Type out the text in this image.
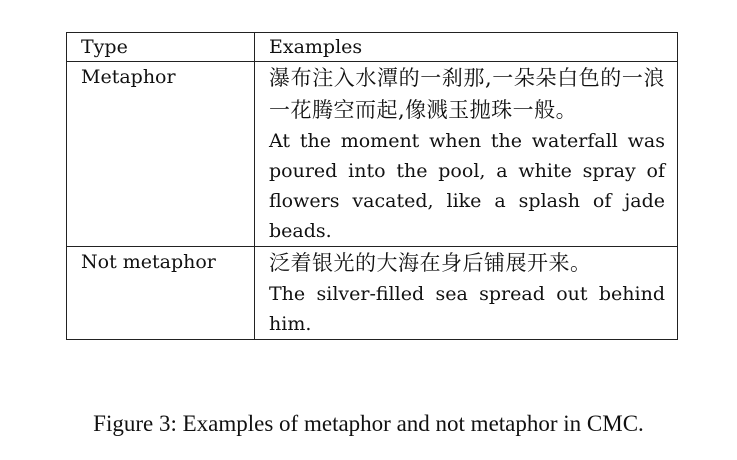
Type	Examples
Metaphor	瀑布注入水潭的一刹那,一朵朵白色的一浪一花腾空而起,像溅玉抛珠一般。

At the moment when the waterfall was poured into the pool, a white spray of flowers vacated, like a splash of jade beads.

Not metaphor	泛着银光的大海在身后铺展开来。

The silver-filled sea spread out behind him.

Figure 3: Examples of metaphor and not metaphor in CMC.
